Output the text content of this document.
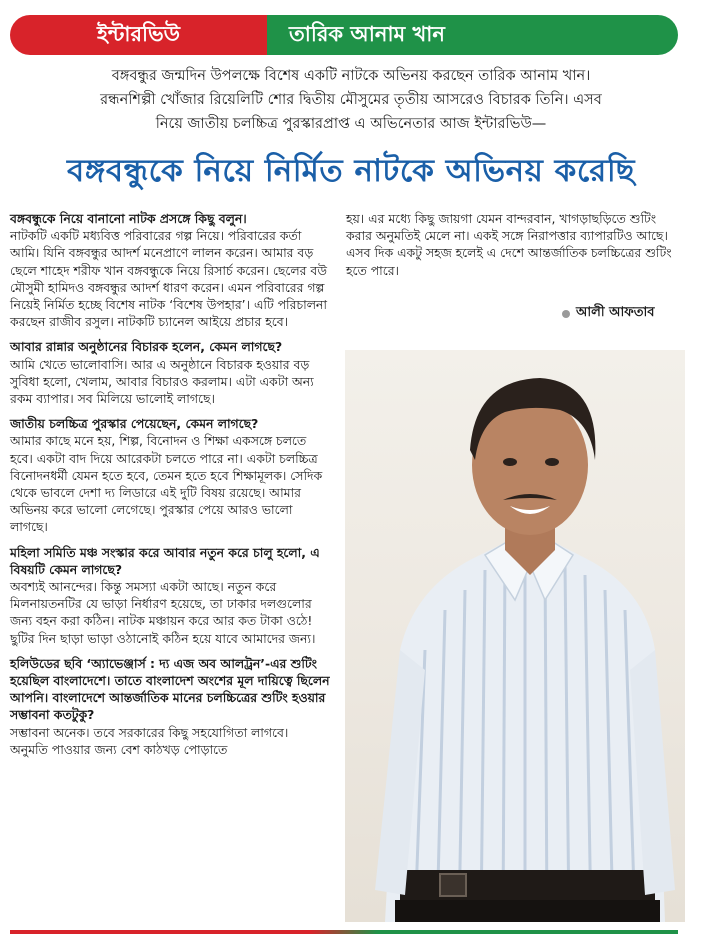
ইন্টারভিউ	তারিক আনাম খান
বঙ্গবন্ধুর জন্মদিন উপলক্ষে বিশেষ একটি নাটকে অভিনয় করছেন তারিক আনাম খান।
রন্ধনশিল্পী খোঁজার রিয়েলিটি শোর দ্বিতীয় মৌসুমের তৃতীয় আসরেও বিচারক তিনি। এসব
নিয়ে জাতীয় চলচ্চিত্র পুরস্কারপ্রাপ্ত এ অভিনেতার আজ ইন্টারভিউ—
বঙ্গবন্ধুকে নিয়ে নির্মিত নাটকে অভিনয় করেছি
বঙ্গবন্ধুকে নিয়ে বানানো নাটক প্রসঙ্গে কিছু বলুন।
নাটকটি একটি মধ্যবিত্ত পরিবারের গল্প নিয়ে। পরিবারের কর্তা আমি। যিনি বঙ্গবন্ধুর আদর্শ মনেপ্রাণে লালন করেন। আমার বড় ছেলে শাহেদ শরীফ খান বঙ্গবন্ধুকে নিয়ে রিসার্চ করেন। ছেলের বউ মৌসুমী হামিদও বঙ্গবন্ধুর আদর্শ ধারণ করেন। এমন পরিবারের গল্প নিয়েই নির্মিত হচ্ছে বিশেষ নাটক ‘বিশেষ উপহার’। এটি পরিচালনা করছেন রাজীব রসুল। নাটকটি চ্যানেল আইয়ে প্রচার হবে।
আবার রান্নার অনুষ্ঠানের বিচারক হলেন, কেমন লাগছে?
আমি খেতে ভালোবাসি। আর এ অনুষ্ঠানে বিচারক হওয়ার বড় সুবিধা হলো, খেলাম, আবার বিচারও করলাম। এটা একটা অন্য রকম ব্যাপার। সব মিলিয়ে ভালোই লাগছে।
জাতীয় চলচ্চিত্র পুরস্কার পেয়েছেন, কেমন লাগছে?
আমার কাছে মনে হয়, শিল্প, বিনোদন ও শিক্ষা একসঙ্গে চলতে হবে। একটা বাদ দিয়ে আরেকটা চলতে পারে না। একটা চলচ্চিত্র বিনোদনধর্মী যেমন হতে হবে, তেমন হতে হবে শিক্ষামূলক। সেদিক থেকে ভাবলে দেশা দ্য লিডারে এই দুটি বিষয় রয়েছে। আমার অভিনয় করে ভালো লেগেছে। পুরস্কার পেয়ে আরও ভালো লাগছে।
মহিলা সমিতি মঞ্চ সংস্কার করে আবার নতুন করে চালু হলো, এ বিষয়টি কেমন লাগছে?
অবশ্যই আনন্দের। কিন্তু সমস্যা একটা আছে। নতুন করে মিলনায়তনটির যে ভাড়া নির্ধারণ হয়েছে, তা ঢাকার দলগুলোর জন্য বহন করা কঠিন। নাটক মঞ্চায়ন করে আর কত টাকা ওঠে! ছুটির দিন ছাড়া ভাড়া ওঠানোই কঠিন হয়ে যাবে আমাদের জন্য।
হলিউডের ছবি ‘অ্যাভেঞ্জার্স : দ্য এজ অব আলট্রন’-এর শুটিং হয়েছিল বাংলাদেশে। তাতে বাংলাদেশ অংশের মূল দায়িত্বে ছিলেন আপনি। বাংলাদেশে আন্তর্জাতিক মানের চলচ্চিত্রের শুটিং হওয়ার সম্ভাবনা কতটুকু?
সম্ভাবনা অনেক। তবে সরকারের কিছু সহযোগিতা লাগবে। অনুমতি পাওয়ার জন্য বেশ কাঠখড় পোড়াতে
হয়। এর মধ্যে কিছু জায়গা যেমন বান্দরবান, খাগড়াছড়িতে শুটিং করার অনুমতিই মেলে না। একই সঙ্গে নিরাপত্তার ব্যাপারটিও আছে। এসব দিক একটু সহজ হলেই এ দেশে আন্তর্জাতিক চলচ্চিত্রের শুটিং হতে পারে।
আলী আফতাব
